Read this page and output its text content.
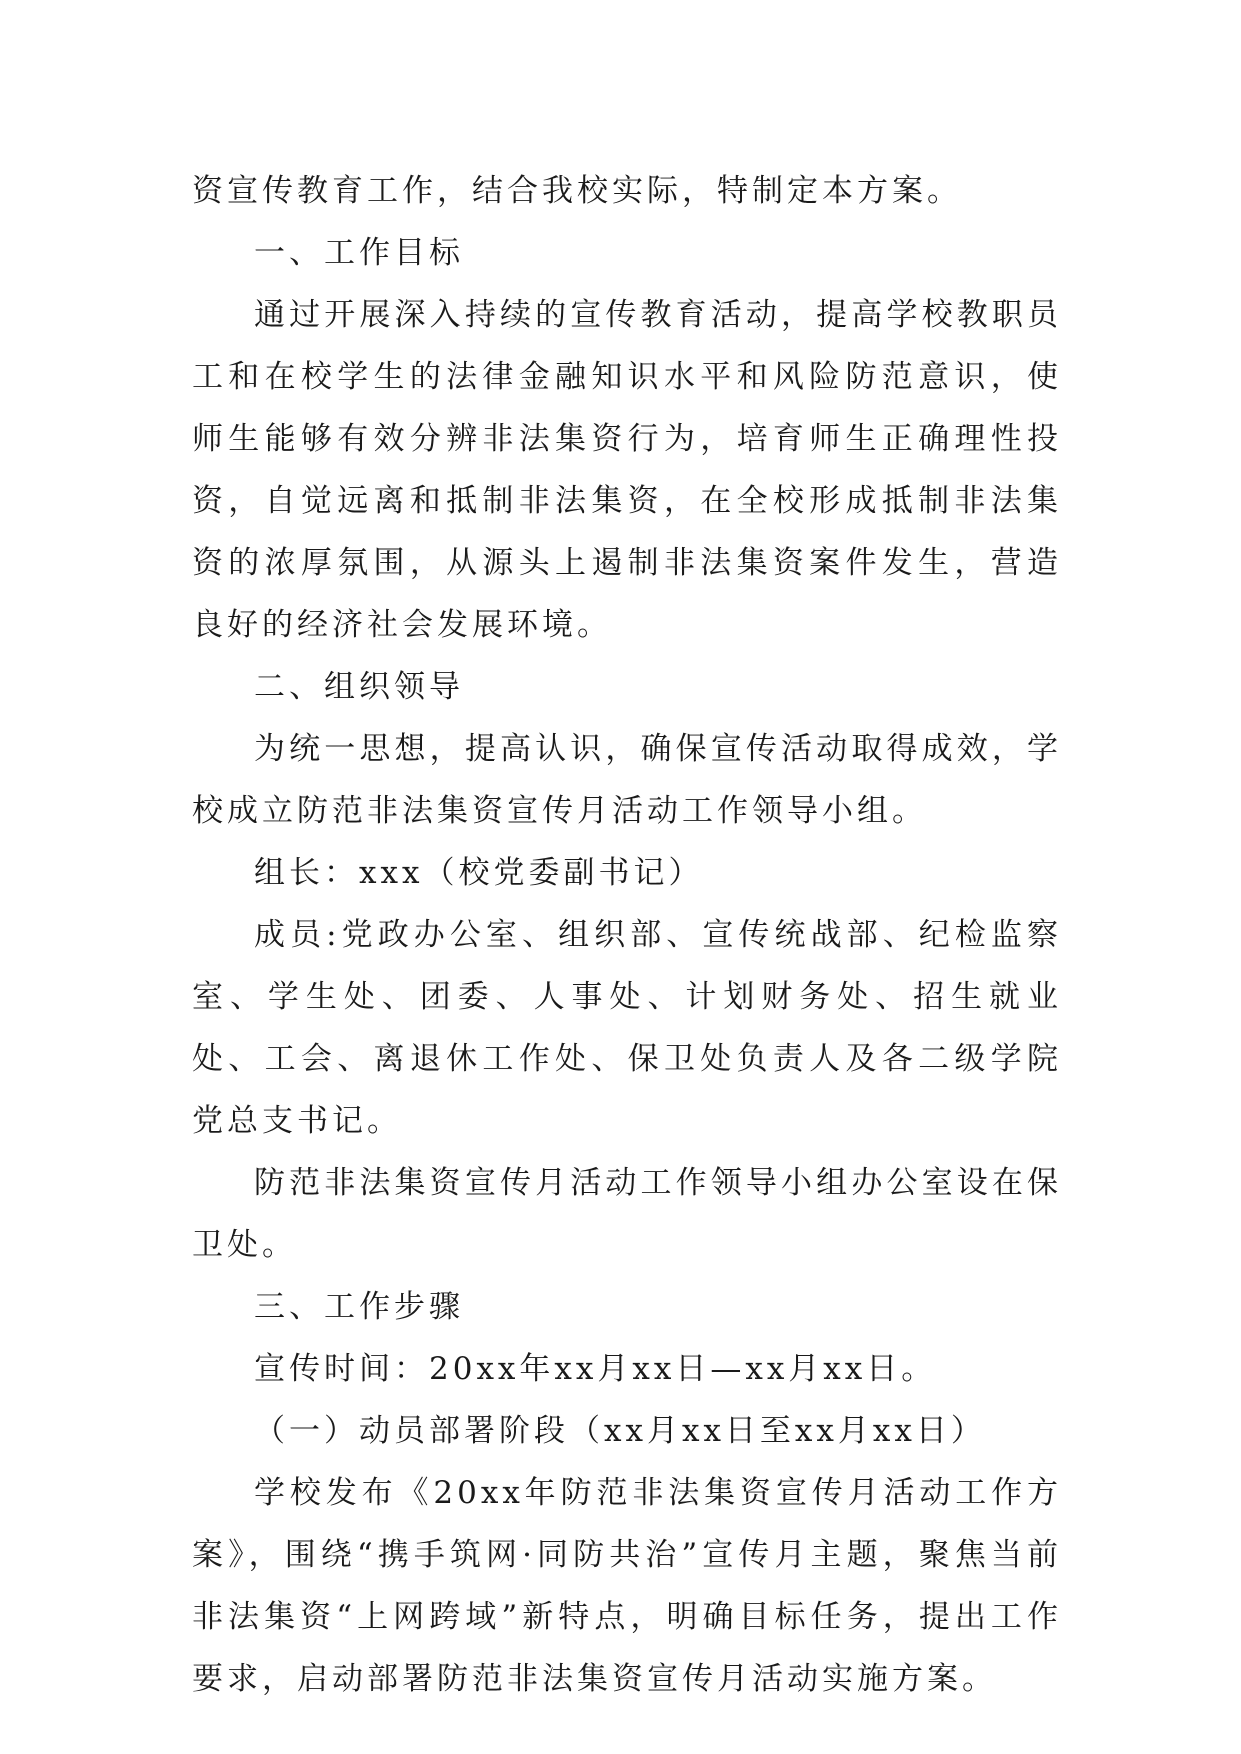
资宣传教育工作，结合我校实际，特制定本方案。

一、工作目标

通过开展深入持续的宣传教育活动，提高学校教职员工和在校学生的法律金融知识水平和风险防范意识，使师生能够有效分辨非法集资行为，培育师生正确理性投资，自觉远离和抵制非法集资，在全校形成抵制非法集资的浓厚氛围，从源头上遏制非法集资案件发生，营造良好的经济社会发展环境。

二、组织领导

为统一思想，提高认识，确保宣传活动取得成效，学校成立防范非法集资宣传月活动工作领导小组。

组长：xxx（校党委副书记）

成员:党政办公室、组织部、宣传统战部、纪检监察室、学生处、团委、人事处、计划财务处、招生就业处、工会、离退休工作处、保卫处负责人及各二级学院党总支书记。

防范非法集资宣传月活动工作领导小组办公室设在保卫处。

三、工作步骤

宣传时间：20xx年xx月xx日—xx月xx日。

（一）动员部署阶段（xx月xx日至xx月xx日）

学校发布《20xx年防范非法集资宣传月活动工作方案》，围绕“携手筑网·同防共治”宣传月主题，聚焦当前非法集资“上网跨域”新特点，明确目标任务，提出工作要求，启动部署防范非法集资宣传月活动实施方案。
